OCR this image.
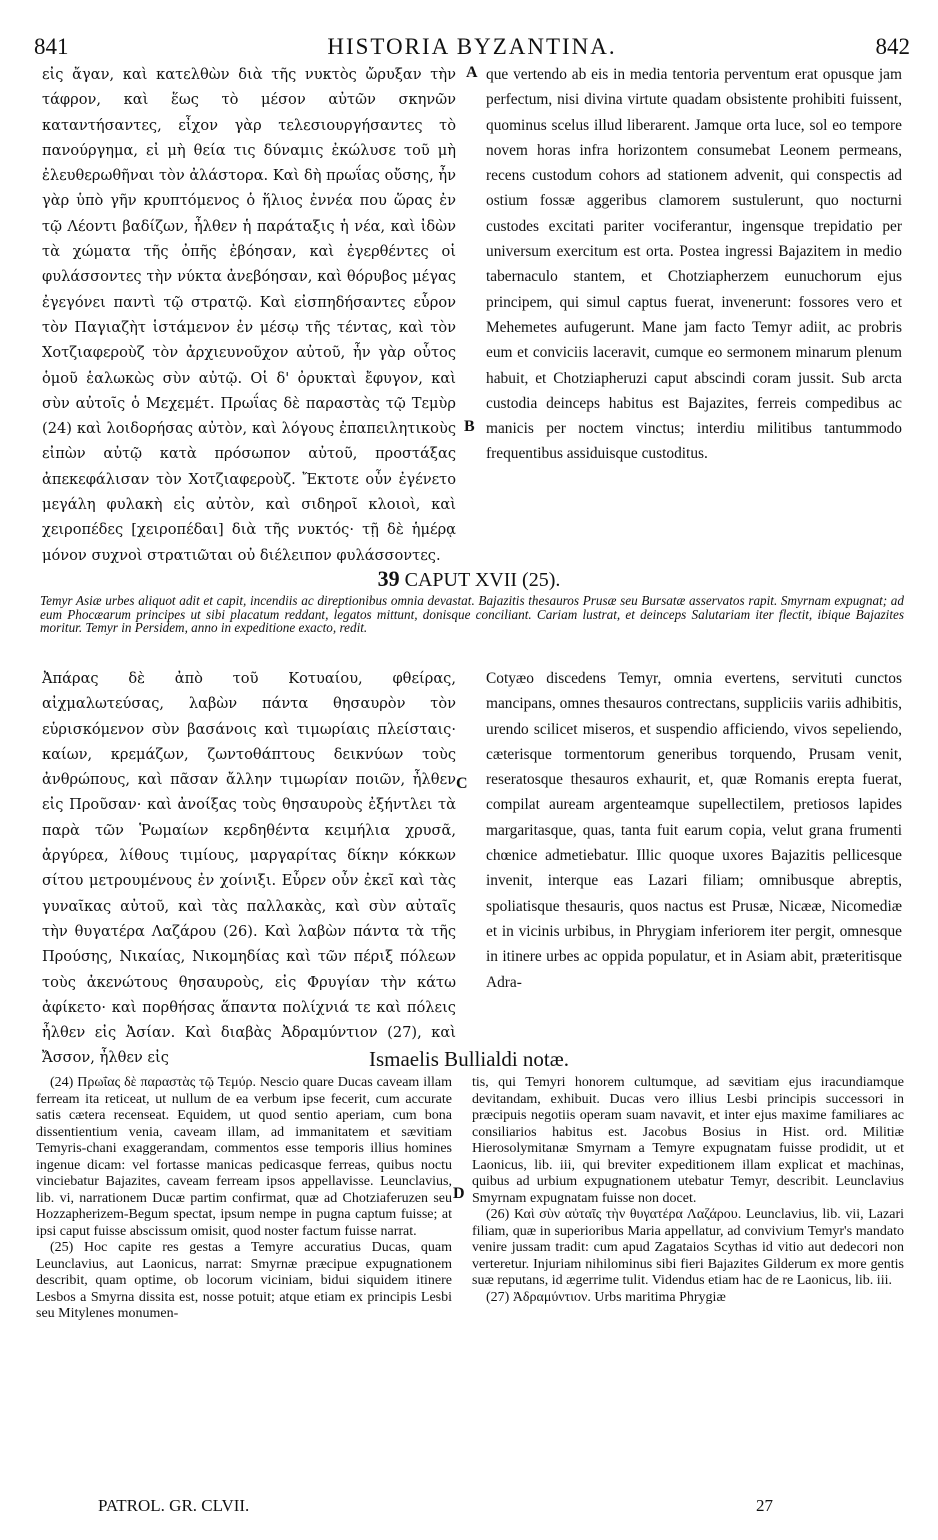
841	HISTORIA BYZANTINA.	842

εἰς ἄγαν, καὶ κατελθὼν διὰ τῆς νυκτὸς ὤρυξαν τὴν τάφρον, καὶ ἕως τὸ μέσον αὐτῶν σκηνῶν καταντήσαντες, εἶχον γὰρ τελεσιουργήσαντες τὸ πανούργημα, εἰ μὴ θεία τις δύναμις ἐκώλυσε τοῦ μὴ ἐλευθερωθῆναι τὸν ἀλάστορα. Καὶ δὴ πρωΐας οὔσης, ἦν γὰρ ὑπὸ γῆν κρυπτόμενος ὁ ἥλιος ἐννέα που ὥρας ἐν τῷ Λέοντι βαδίζων, ἦλθεν ἡ παράταξις ἡ νέα, καὶ ἰδὼν τὰ χώματα τῆς ὀπῆς ἐβόησαν, καὶ ἐγερθέντες οἱ φυλάσσοντες τὴν νύκτα ἀνεβόησαν, καὶ θόρυβος μέγας ἐγεγόνει παντὶ τῷ στρατῷ. Καὶ εἰσπηδήσαντες εὗρον τὸν Παγιαζὴτ ἱστάμενον ἐν μέσῳ τῆς τέντας, καὶ τὸν Χοτζιαφεροὺζ τὸν ἀρχιευνοῦχον αὐτοῦ, ἦν γὰρ οὗτος ὁμοῦ ἑαλωκὼς σὺν αὐτῷ. Οἱ δ' ὀρυκταὶ ἔφυγον, καὶ σὺν αὐτοῖς ὁ Μεχεμέτ. Πρωΐας δὲ παραστὰς τῷ Τεμὺρ (24) καὶ λοιδορήσας αὐτὸν, καὶ λόγους ἐπαπειλητικοὺς εἰπὼν αὐτῷ κατὰ πρόσωπον αὐτοῦ, προστάξας ἀπεκεφάλισαν τὸν Χοτζιαφεροὺζ. Ἔκτοτε οὖν ἐγένετο μεγάλη φυλακὴ εἰς αὐτὸν, καὶ σιδηροῖ κλοιοὶ, καὶ χειροπέδες [χειροπέδαι] διὰ τῆς νυκτός· τῇ δὲ ἡμέρᾳ μόνον συχνοὶ στρατιῶται οὐ διέλειπον φυλάσσοντες.

que vertendo ab eis in media tentoria perventum erat opusque jam perfectum, nisi divina virtute quadam obsistente prohibiti fuissent, quominus scelus illud liberarent. Jamque orta luce, sol eo tempore novem horas infra horizontem consumebat Leonem permeans, recens custodum cohors ad stationem advenit, qui conspectis ad ostium fossæ aggeribus clamorem sustulerunt, quo nocturni custodes excitati pariter vociferantur, ingensque trepidatio per universum exercitum est orta. Postea ingressi Bajazitem in medio tabernaculo stantem, et Chotziapherzem eunuchorum ejus principem, qui simul captus fuerat, invenerunt: fossores vero et Mehemetes aufugerunt. Mane jam facto Temyr adiit, ac probris eum et conviciis laceravit, cumque eo sermonem minarum plenum habuit, et Chotziapheruzi caput abscindi coram jussit. Sub arcta custodia deinceps habitus est Bajazites, ferreis compedibus ac manicis per noctem vinctus; interdiu militibus tantummodo frequentibus assiduisque custoditus.

A
B
C
D
39 CAPUT XVII (25).
Temyr Asiæ urbes aliquot adit et capit, incendiis ac direptionibus omnia devastat. Bajazitis thesauros Prusæ seu Bursatæ asservatos rapit. Smyrnam expugnat; ad eum Phocæarum principes ut sibi placatum reddant, legatos mittunt, donisque conciliant. Cariam lustrat, et deinceps Salutariam iter flectit, ibique Bajazites moritur. Temyr in Persidem, anno in expeditione exacto, redit.

Ἀπάρας δὲ ἀπὸ τοῦ Κοτυαίου, φθείρας, αἰχμαλωτεύσας, λαβὼν πάντα θησαυρὸν τὸν εὑρισκόμενον σὺν βασάνοις καὶ τιμωρίαις πλείσταις· καίων, κρεμάζων, ζωντοθάπτους δεικνύων τοὺς ἀνθρώπους, καὶ πᾶσαν ἄλλην τιμωρίαν ποιῶν, ἦλθεν εἰς Προῦσαν· καὶ ἀνοίξας τοὺς θησαυροὺς ἐξήντλει τὰ παρὰ τῶν Ῥωμαίων κερδηθέντα κειμήλια χρυσᾶ, ἀργύρεα, λίθους τιμίους, μαργαρίτας δίκην κόκκων σίτου μετρουμένους ἐν χοίνιξι. Εὗρεν οὖν ἐκεῖ καὶ τὰς γυναῖκας αὐτοῦ, καὶ τὰς παλλακὰς, καὶ σὺν αὐταῖς τὴν θυγατέρα Λαζάρου (26). Καὶ λαβὼν πάντα τὰ τῆς Προύσης, Νικαίας, Νικομηδίας καὶ τῶν πέριξ πόλεων τοὺς ἀκενώτους θησαυροὺς, εἰς Φρυγίαν τὴν κάτω ἀφίκετο· καὶ πορθήσας ἅπαντα πολίχνιά τε καὶ πόλεις ἦλθεν εἰς Ἀσίαν. Καὶ διαβὰς Ἀδραμύντιον (27), καὶ Ἄσσον, ἦλθεν εἰς

Cotyæo discedens Temyr, omnia evertens, servituti cunctos mancipans, omnes thesauros contrectans, suppliciis variis adhibitis, urendo scilicet miseros, et suspendio afficiendo, vivos sepeliendo, cæterisque tormentorum generibus torquendo, Prusam venit, reseratosque thesauros exhaurit, et, quæ Romanis erepta fuerat, compilat auream argenteamque supellectilem, pretiosos lapides margaritasque, quas, tanta fuit earum copia, velut grana frumenti chœnice admetiebatur. Illic quoque uxores Bajazitis pellicesque invenit, interque eas Lazari filiam; omnibusque abreptis, spoliatisque thesauris, quos nactus est Prusæ, Nicææ, Nicomediæ et in vicinis urbibus, in Phrygiam inferiorem iter pergit, omnesque in itinere urbes ac oppida populatur, et in Asiam abit, præteritisque Adra-

Ismaelis Bullialdi notæ.

(24) Πρωΐας δὲ παραστὰς τῷ Τεμύρ. Nescio quare Ducas caveam illam ferream ita reticeat, ut nullum de ea verbum ipse fecerit, cum accurate satis cætera recenseat. Equidem, ut quod sentio aperiam, cum bona dissentientium venia, caveam illam, ad immanitatem et sævitiam Temyris-chani exaggerandam, commentos esse temporis illius homines ingenue dicam: vel fortasse manicas pedicasque ferreas, quibus noctu vinciebatur Bajazites, caveam ferream ipsos appellavisse. Leunclavius, lib. vi, narrationem Ducæ partim confirmat, quæ ad Chotziaferuzen seu Hozzapherizem-Begum spectat, ipsum nempe in pugna captum fuisse; at ipsi caput fuisse abscissum omisit, quod noster factum fuisse narrat.

(25) Hoc capite res gestas a Temyre accuratius Ducas, quam Leunclavius, aut Laonicus, narrat: Smyrnæ præcipue expugnationem describit, quam optime, ob locorum viciniam, bidui siquidem itinere Lesbos a Smyrna dissita est, nosse potuit; atque etiam ex principis Lesbi seu Mitylenes monumen-

tis, qui Temyri honorem cultumque, ad sævitiam ejus iracundiamque devitandam, exhibuit. Ducas vero illius Lesbi principis successori in præcipuis negotiis operam suam navavit, et inter ejus maxime familiares ac consiliarios habitus est. Jacobus Bosius in Hist. ord. Militiæ Hierosolymitanæ Smyrnam a Temyre expugnatam fuisse prodidit, ut et Laonicus, lib. iii, qui breviter expeditionem illam explicat et machinas, quibus ad urbium expugnationem utebatur Temyr, describit. Leunclavius Smyrnam expugnatam fuisse non docet.

(26) Καὶ σὺν αὐταῖς τὴν θυγατέρα Λαζάρου. Leunclavius, lib. vii, Lazari filiam, quæ in superioribus Maria appellatur, ad convivium Temyr's mandato venire jussam tradit: cum apud Zagataios Scythas id vitio aut dedecori non verteretur. Injuriam nihilominus sibi fieri Bajazites Gilderum ex more gentis suæ reputans, id ægerrime tulit. Videndus etiam hac de re Laonicus, lib. iii.

(27) Ἀδραμύντιον. Urbs maritima Phrygiæ

PATROL. GR. CLVII.	27
